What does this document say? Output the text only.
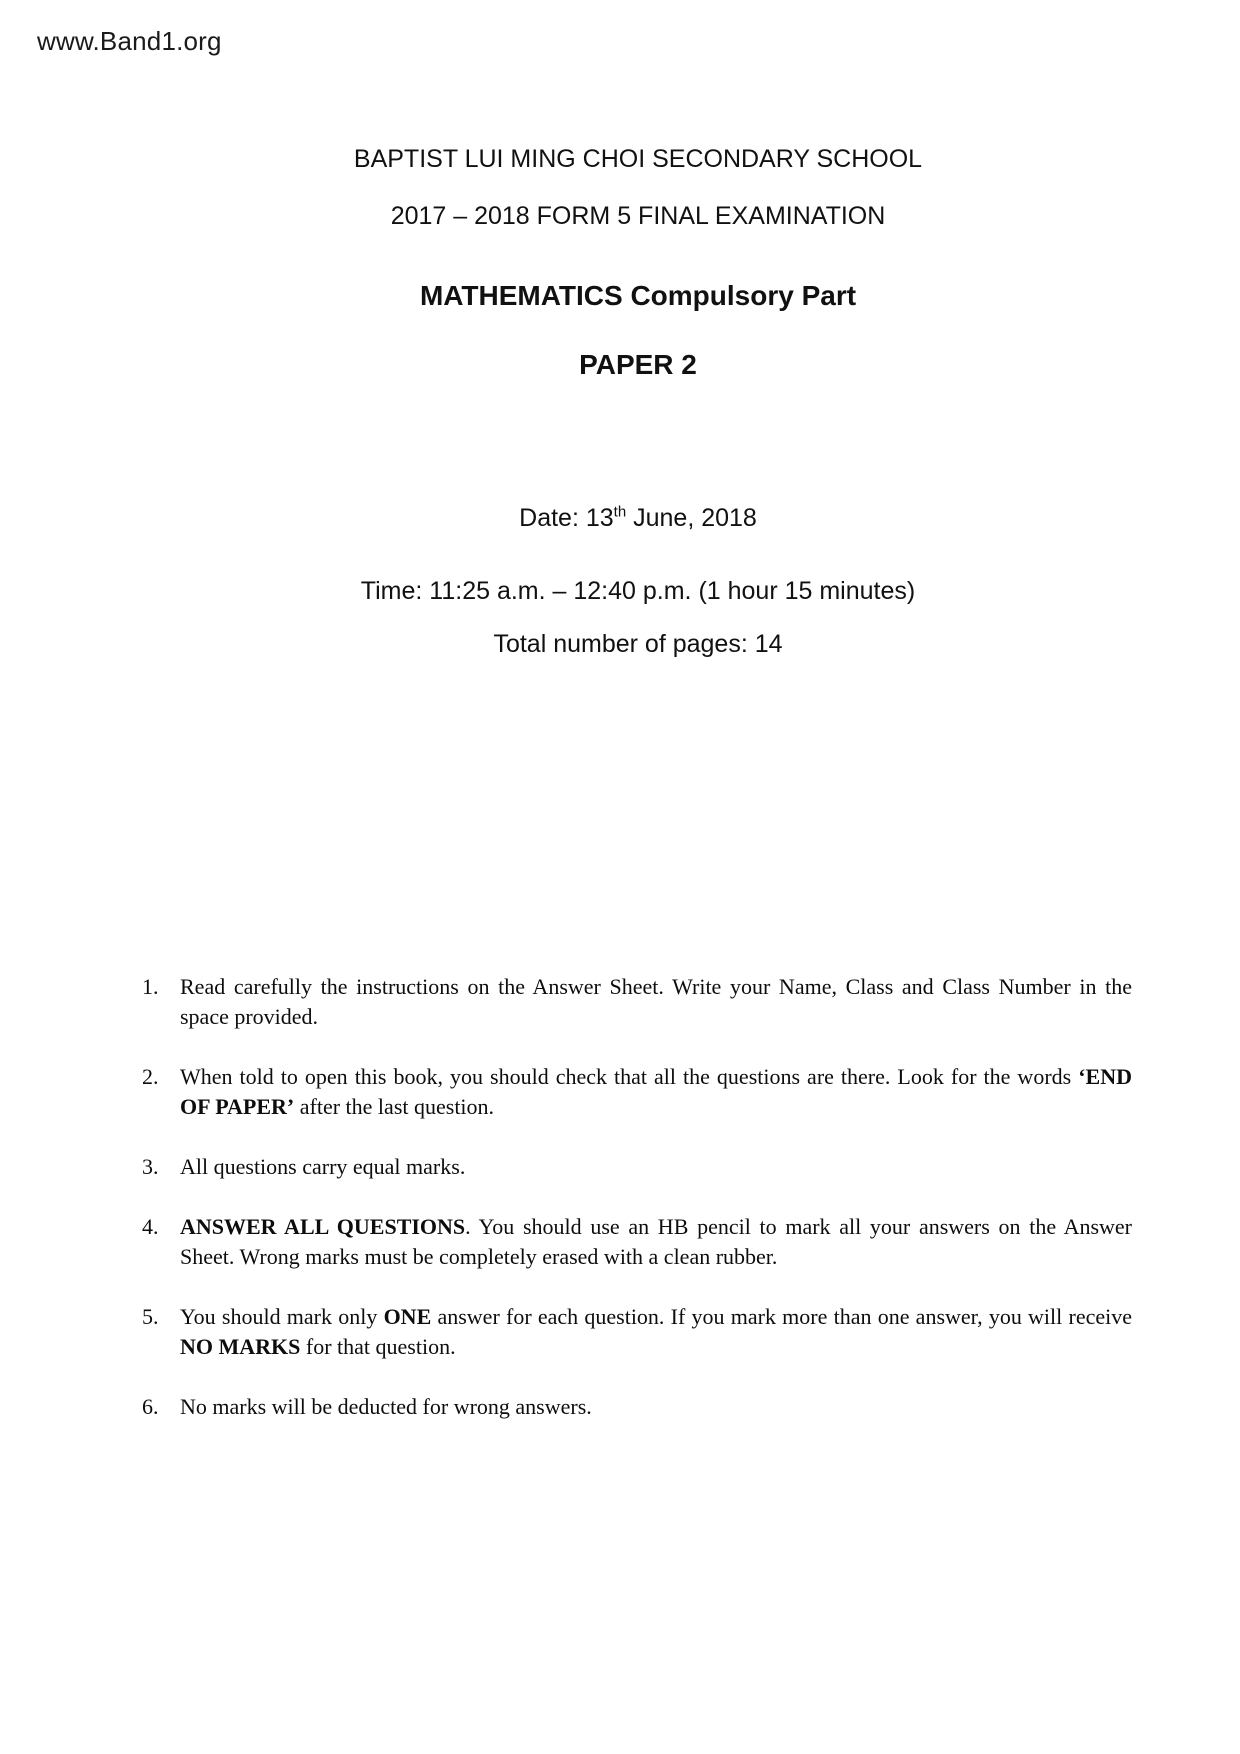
www.Band1.org
BAPTIST LUI MING CHOI SECONDARY SCHOOL
2017 – 2018 FORM 5 FINAL EXAMINATION
MATHEMATICS Compulsory Part
PAPER 2
Date: 13th June, 2018
Time: 11:25 a.m. – 12:40 p.m. (1 hour 15 minutes)
Total number of pages: 14
1. Read carefully the instructions on the Answer Sheet. Write your Name, Class and Class Number in the space provided.
2. When told to open this book, you should check that all the questions are there. Look for the words ‘END OF PAPER’ after the last question.
3. All questions carry equal marks.
4. ANSWER ALL QUESTIONS. You should use an HB pencil to mark all your answers on the Answer Sheet. Wrong marks must be completely erased with a clean rubber.
5. You should mark only ONE answer for each question. If you mark more than one answer, you will receive NO MARKS for that question.
6. No marks will be deducted for wrong answers.
